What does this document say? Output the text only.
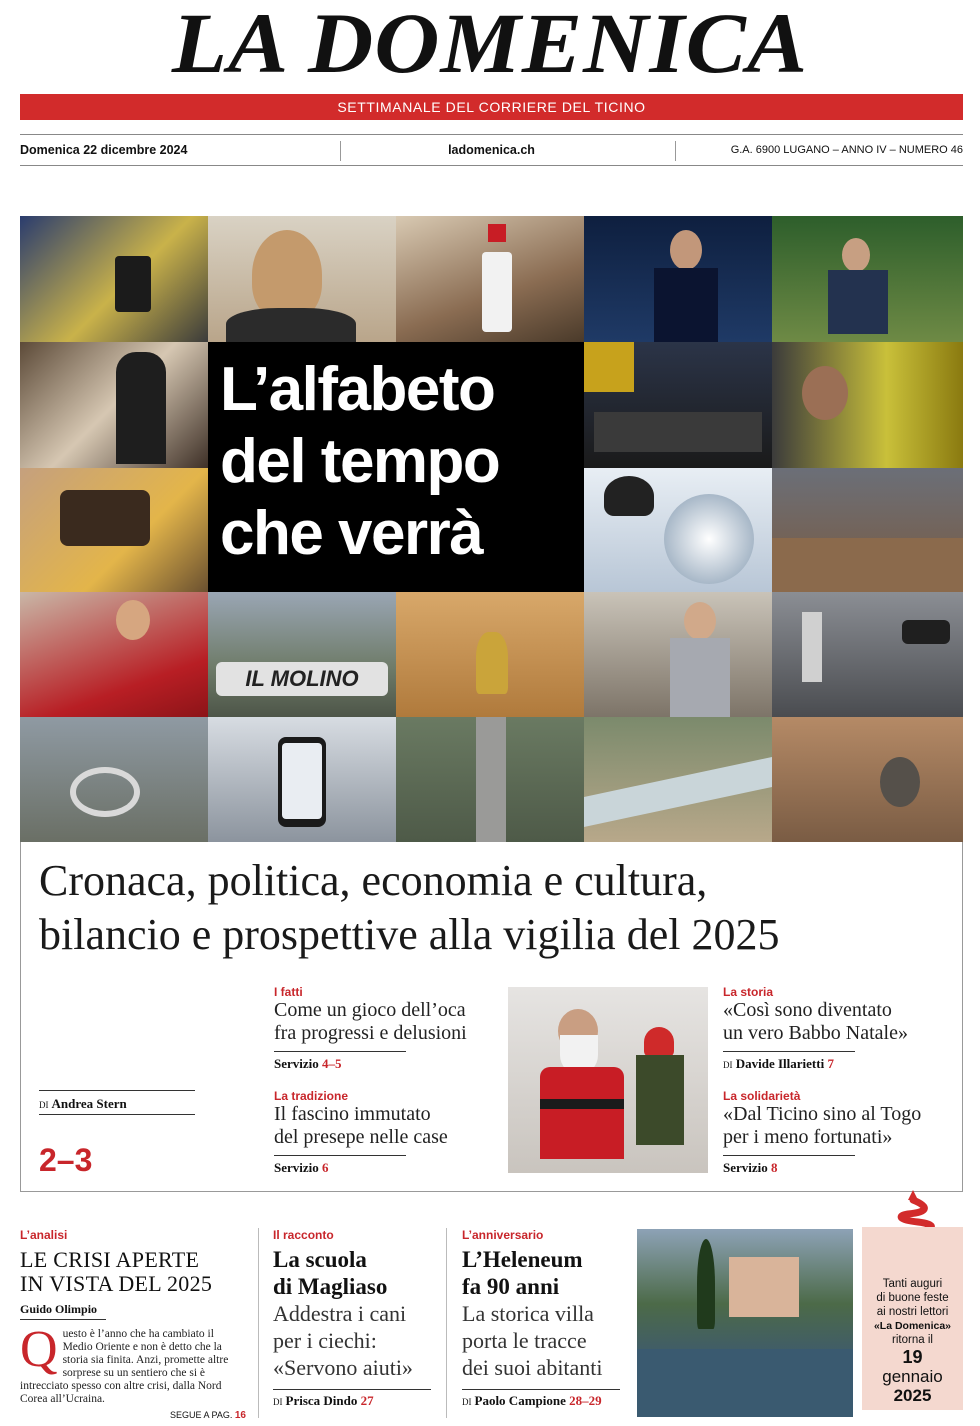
LA DOMENICA
SETTIMANALE DEL CORRIERE DEL TICINO
Domenica 22 dicembre 2024	ladomenica.ch	G.A. 6900 LUGANO – ANNO IV – NUMERO 46
IL MOLINO
L’alfabeto
del tempo
che verrà
Cronaca, politica, economia e cultura,
bilancio e prospettive alla vigilia del 2025
DI Andrea Stern
2–3
I fatti
Come un gioco dell’oca
fra progressi e delusioni
Servizio 4–5
La tradizione
Il fascino immutato
del presepe nelle case
Servizio 6
La storia
«Così sono diventato
un vero Babbo Natale»
DI Davide Illarietti 7
La solidarietà
«Dal Ticino sino al Togo
per i meno fortunati»
Servizio 8
L’analisi
LE CRISI APERTE
IN VISTA DEL 2025
Guido Olimpio
Questo è l’anno che ha cambiato il Medio Oriente e non è detto che la storia sia finita. Anzi, promette altre sorprese su un sentiero che si è intrecciato spesso con altre crisi, dalla Nord Corea all’Ucraina.
SEGUE A PAG. 16
Il racconto
La scuola
di Magliaso
Addestra i cani
per i ciechi:
«Servono aiuti»
DI Prisca Dindo 27
L’anniversario
L’Heleneum
fa 90 anni
La storica villa
porta le tracce
dei suoi abitanti
DI Paolo Campione 28–29
Tanti auguri
di buone feste
ai nostri lettori
«La Domenica»
ritorna il
19
gennaio
2025
